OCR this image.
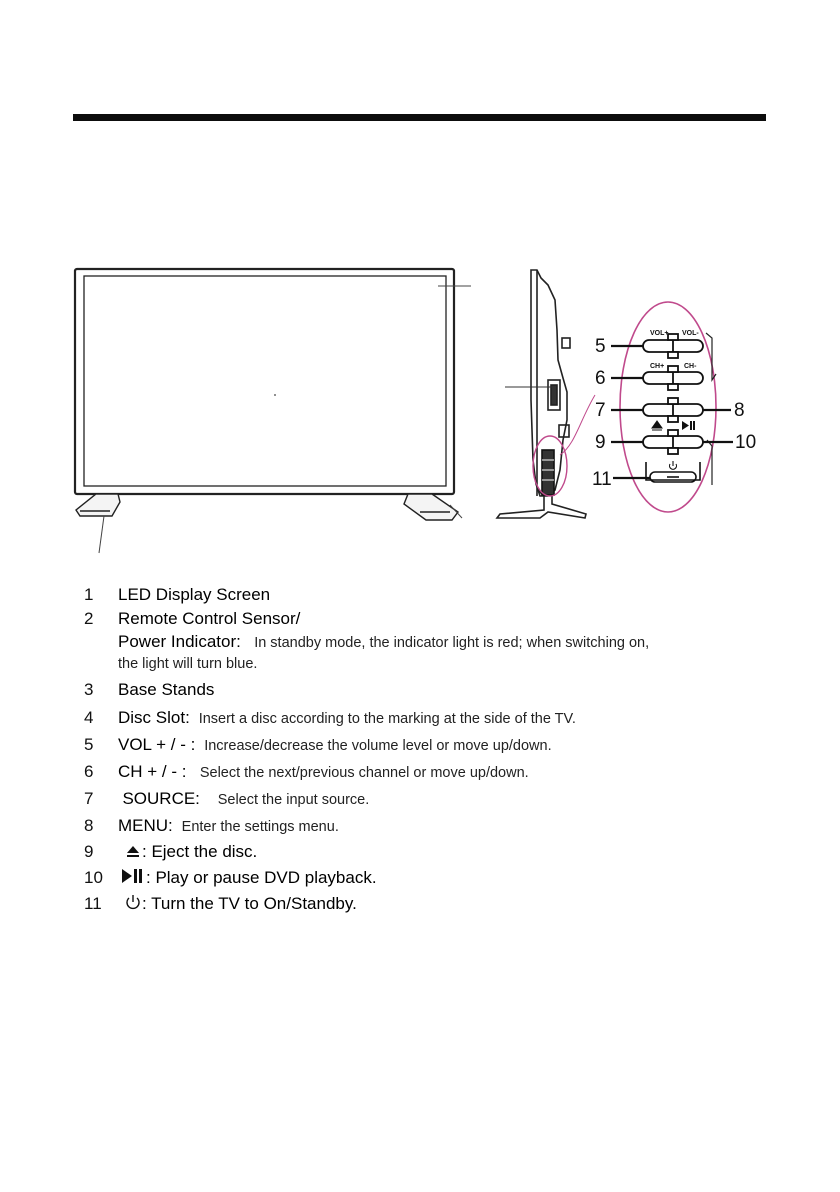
VOL+ VOL-
CH+	CH-
5
6
7	8
9	10
11
1 LED Display Screen
2 Remote Control Sensor/
Power Indicator: In standby mode, the indicator light is red; when switching on,
the light will turn blue.
3 Base Stands
4 Disc Slot: Insert a disc according to the marking at the side of the TV.
5 VOL + / - : Increase/decrease the volume level or move up/down.
6 CH + / - : Select the next/previous channel or move up/down.
7 SOURCE: Select the input source.
8 MENU: Enter the settings menu.
9	: Eject the disc.
10	: Play or pause DVD playback.
11	: Turn the TV to On/Standby.
